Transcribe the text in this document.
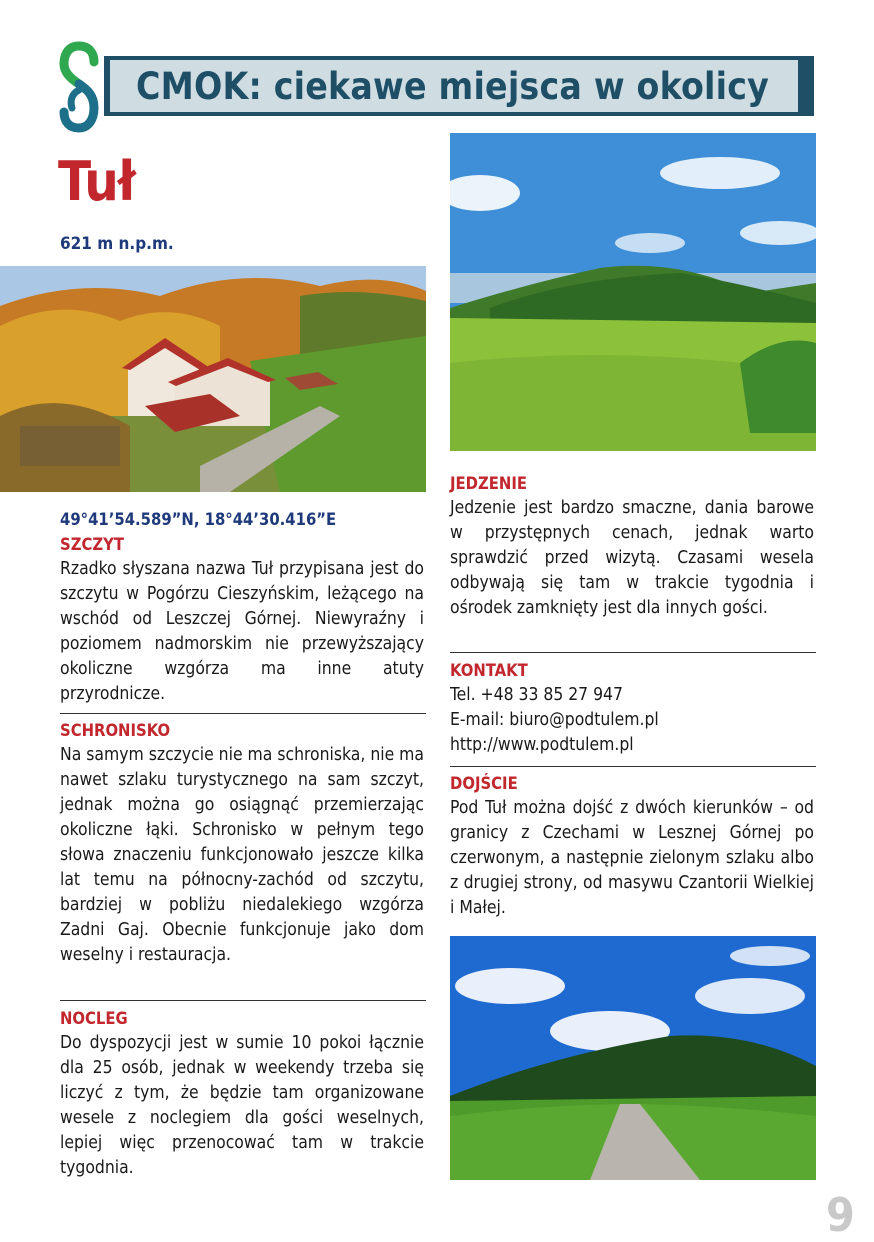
CMOK: ciekawe miejsca w okolicy
Tuł
621 m n.p.m.
49°41’54.589”N, 18°44’30.416”E
SZCZYT
Rzadko słyszana nazwa Tuł przypisana jest do szczytu w Pogórzu Cieszyńskim, leżącego na wschód od Leszczej Górnej. Niewyraźny i poziomem nadmorskim nie przewyższający okoliczne wzgórza ma inne atuty przyrodnicze.
SCHRONISKO
Na samym szczycie nie ma schroniska, nie ma nawet szlaku turystycznego na sam szczyt, jednak można go osiągnąć przemierzając okoliczne łąki. Schronisko w pełnym tego słowa znaczeniu funkcjonowało jeszcze kilka lat temu na północny-zachód od szczytu, bardziej w pobliżu niedalekiego wzgórza Zadni Gaj. Obecnie funkcjonuje jako dom weselny i restauracja.
NOCLEG
Do dyspozycji jest w sumie 10 pokoi łącznie dla 25 osób, jednak w weekendy trzeba się liczyć z tym, że będzie tam organizowane wesele z noclegiem dla gości weselnych, lepiej więc przenocować tam w trakcie tygodnia.
JEDZENIE
Jedzenie jest bardzo smaczne, dania barowe w przystępnych cenach, jednak warto sprawdzić przed wizytą. Czasami wesela odbywają się tam w trakcie tygodnia i ośrodek zamknięty jest dla innych gości.
KONTAKT
Tel. +48 33 85 27 947
E-mail: biuro@podtulem.pl
http://www.podtulem.pl
DOJŚCIE
Pod Tuł można dojść z dwóch kierunków – od granicy z Czechami w Lesznej Górnej po czerwonym, a następnie zielonym szlaku albo z drugiej strony, od masywu Czantorii Wielkiej i Małej.
9
